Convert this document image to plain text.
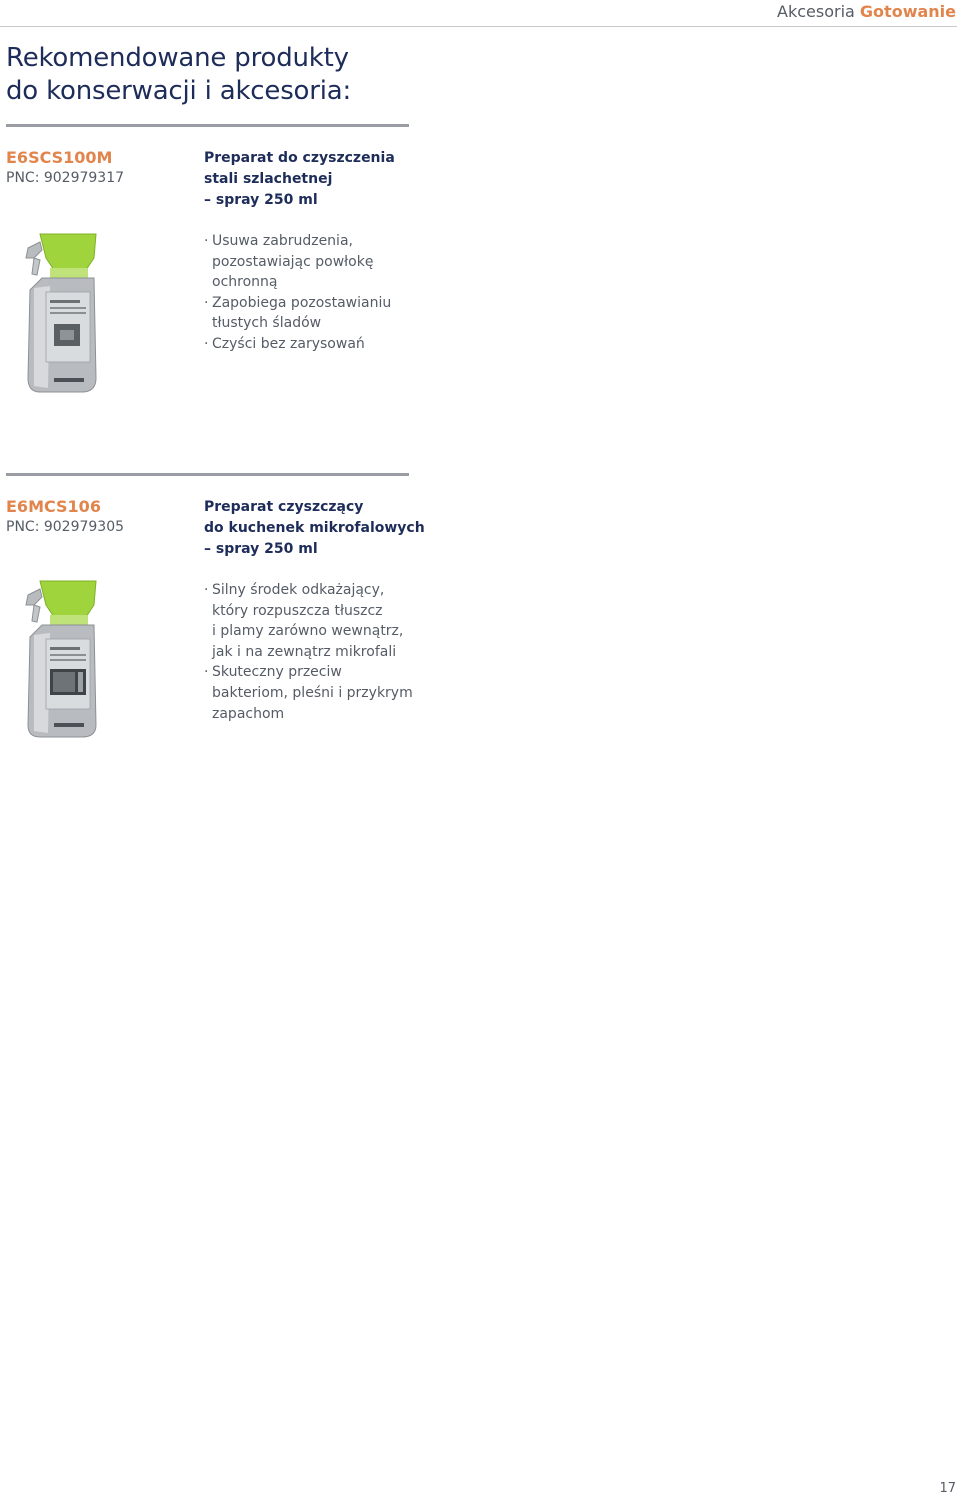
Akcesoria Gotowanie
Rekomendowane produkty
do konserwacji i akcesoria:
E6SCS100M
PNC: 902979317
Preparat do czyszczenia
stali szlachetnej
– spray 250 ml
· Usuwa zabrudzenia,
pozostawiając powłokę
ochronną
· Zapobiega pozostawianiu
tłustych śladów
· Czyści bez zarysowań
E6MCS106
PNC: 902979305
Preparat czyszczący
do kuchenek mikrofalowych
– spray 250 ml
· Silny środek odkażający,
który rozpuszcza tłuszcz
i plamy zarówno wewnątrz,
jak i na zewnątrz mikrofali
· Skuteczny przeciw
bakteriom, pleśni i przykrym
zapachom
17
